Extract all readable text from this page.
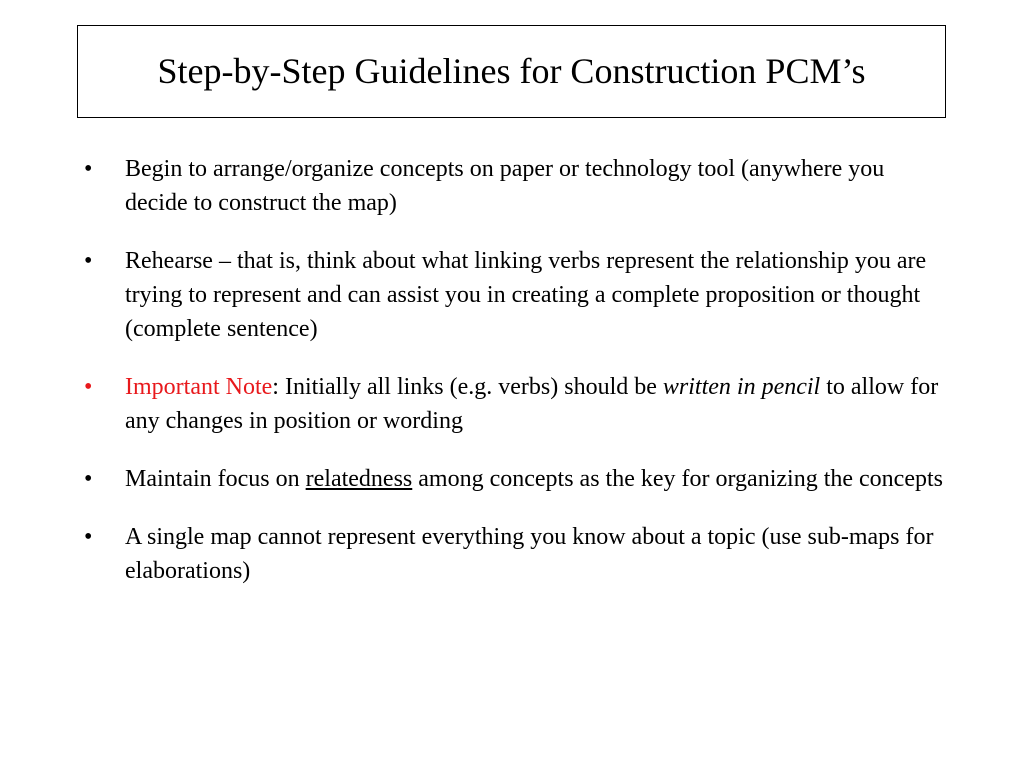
Step-by-Step Guidelines for Construction PCM’s
•	Begin to arrange/organize concepts on paper or technology tool (anywhere you decide to construct the map)
•	Rehearse – that is, think about what linking verbs represent the relationship you are trying to represent and can assist you in creating a complete proposition or thought (complete sentence)
•	Important Note: Initially all links (e.g. verbs) should be written in pencil to allow for any changes in position or wording
•	Maintain focus on relatedness among concepts as the key for organizing the concepts
•	A single map cannot represent everything you know about a topic (use sub-maps for elaborations)
